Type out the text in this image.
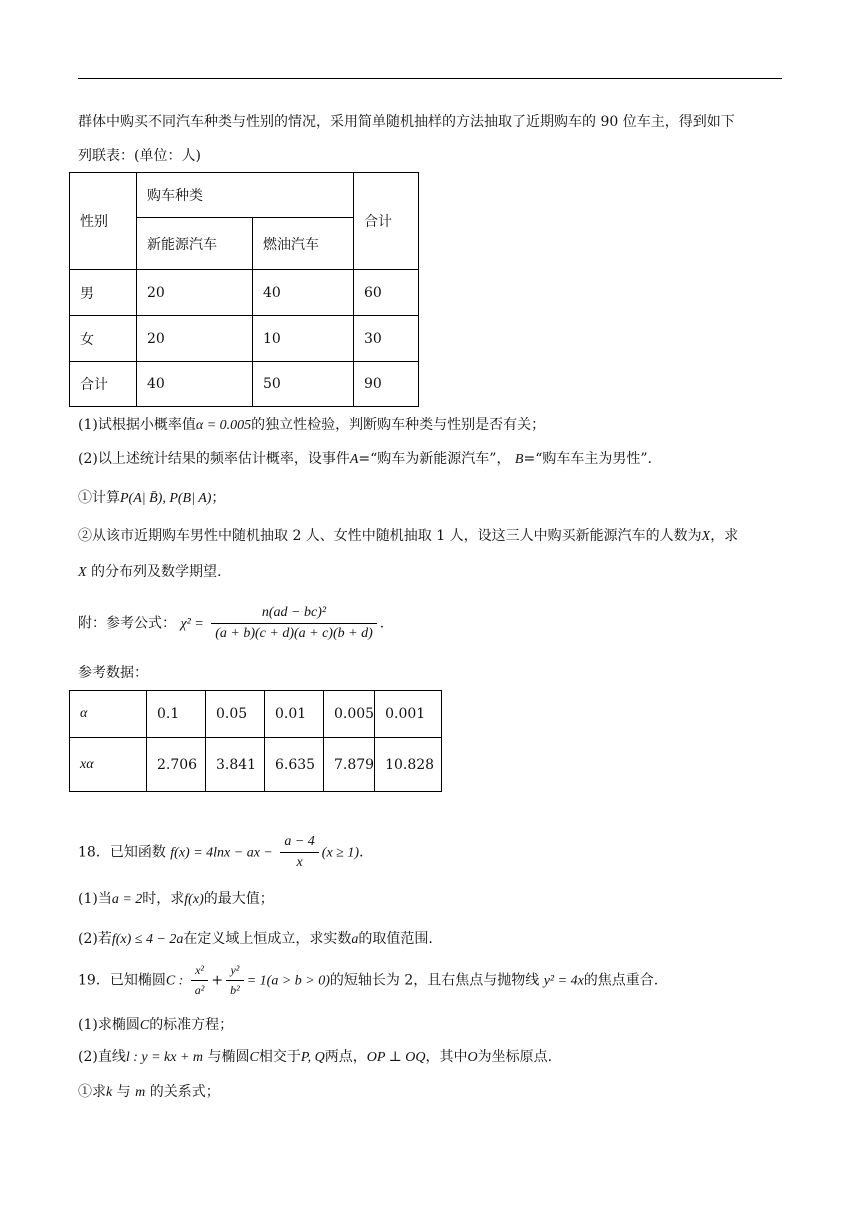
群体中购买不同汽车种类与性别的情况，采用简单随机抽样的方法抽取了近期购车的 90 位车主，得到如下
列联表：(单位：人)
性别	购车种类		合计
	新能源汽车	燃油汽车	
男	20	40	60
女	20	10	30
合计	40	50	90
(1)试根据小概率值α = 0.005的独立性检验，判断购车种类与性别是否有关；
(2)以上述统计结果的频率估计概率，设事件A=“购车为新能源汽车”， B=“购车车主为男性”.
①计算P(A| B̄), P(B| A)；
②从该市近期购车男性中随机抽取 2 人、女性中随机抽取 1 人，设这三人中购买新能源汽车的人数为X，求
X 的分布列及数学期望.
附：参考公式： $\chi^2 = \frac{\text{n(ad − bc)²}}{(a + b)(c + d)(a + c)(b + d)}$ .
参考数据：
α	0.1	0.05	0.01	0.005	0.001
xα	2.706	3.841	6.635	7.879	10.828
18．已知函数 f(x) = 4lnx − ax − $\frac{a - 4}{x} (x \ge 1)$.
(1)当a = 2时，求f(x)的最大值；
(2)若f(x) ≤ 4 − 2a在定义域上恒成立，求实数a的取值范围.
19．已知椭圆C : $\frac{\text{x²}}{\text{a²}} + \frac{\text{y²}}{\text{b²}} = 1(a > b > 0)$的短轴长为 2，且右焦点与抛物线 y² = 4x的焦点重合.
(1)求椭圆C的标准方程；
(2)直线l : y = kx + m 与椭圆C相交于P, Q两点，OP ⊥ OQ，其中O为坐标原点.
①求k 与 m 的关系式；
